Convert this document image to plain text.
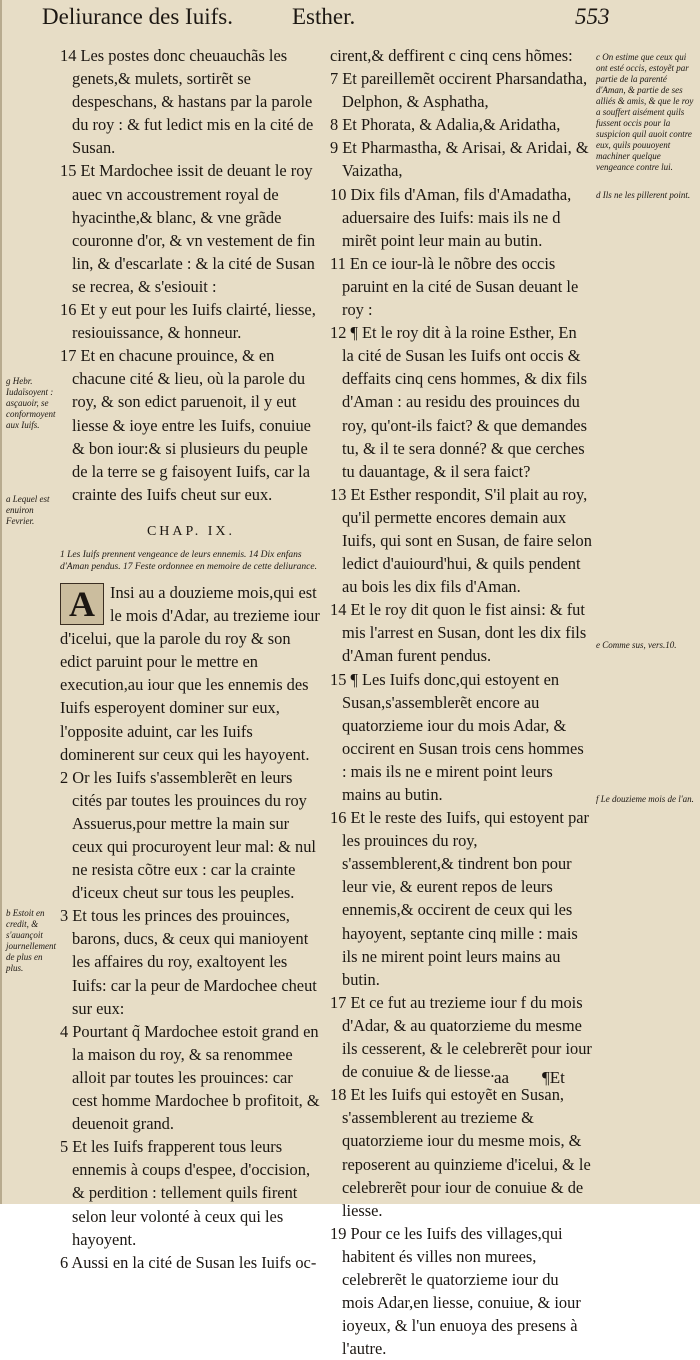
Deliurance des Iuifs.	Esther.	553

14 Les postes donc cheuauchãs les genets,& mulets, sortirẽt se despeschans, & hastans par la parole du roy : & fut ledict mis en la cité de Susan.

15 Et Mardochee issit de deuant le roy auec vn accoustrement royal de hyacinthe,& blanc, & vne grãde couronne d'or, & vn vestement de fin lin, & d'escarlate : & la cité de Susan se recrea, & s'esiouit :

16 Et y eut pour les Iuifs clairté, liesse, resiouissance, & honneur.

17 Et en chacune prouince, & en chacune cité & lieu, où la parole du roy, & son edict paruenoit, il y eut liesse & ioye entre les Iuifs, conuiue & bon iour:& si plusieurs du peuple de la terre se g faisoyent Iuifs, car la crainte des Iuifs cheut sur eux.

CHAP. IX.

1 Les Iuifs prennent vengeance de leurs ennemis. 14 Dix enfans d'Aman pendus. 17 Feste ordonnee en memoire de cette deliurance.

A Insi au a douzieme mois,qui est le mois d'Adar, au trezieme iour d'icelui, que la parole du roy & son edict paruint pour le mettre en execution,au iour que les ennemis des Iuifs esperoyent dominer sur eux, l'opposite aduint, car les Iuifs dominerent sur ceux qui les hayoyent.

2 Or les Iuifs s'assemblerẽt en leurs cités par toutes les prouinces du roy Assuerus,pour mettre la main sur ceux qui procuroyent leur mal: & nul ne resista cõtre eux : car la crainte d'iceux cheut sur tous les peuples.

3 Et tous les princes des prouinces, barons, ducs, & ceux qui manioyent les affaires du roy, exaltoyent les Iuifs: car la peur de Mardochee cheut sur eux:

4 Pourtant q̃ Mardochee estoit grand en la maison du roy, & sa renommee alloit par toutes les prouinces: car cest homme Mardochee b profitoit, & deuenoit grand.

5 Et les Iuifs frapperent tous leurs ennemis à coups d'espee, d'occision, & perdition : tellement quils firent selon leur volonté à ceux qui les hayoyent.

6 Aussi en la cité de Susan les Iuifs oc-

cirent,& deffirent c cinq cens hõmes:

7 Et pareillemẽt occirent Pharsandatha, Delphon, & Asphatha,

8 Et Phorata, & Adalia,& Aridatha,

9 Et Pharmastha, & Arisai, & Aridai, & Vaizatha,

10 Dix fils d'Aman, fils d'Amadatha, aduersaire des Iuifs: mais ils ne d mirẽt point leur main au butin.

11 En ce iour-là le nõbre des occis paruint en la cité de Susan deuant le roy :

12 ¶ Et le roy dit à la roine Esther, En la cité de Susan les Iuifs ont occis & deffaits cinq cens hommes, & dix fils d'Aman : au residu des prouinces du roy, qu'ont-ils faict? & que demandes tu, & il te sera donné? & que cerches tu dauantage, & il sera faict?

13 Et Esther respondit, S'il plait au roy, qu'il permette encores demain aux Iuifs, qui sont en Susan, de faire selon ledict d'auiourd'hui, & quils pendent au bois les dix fils d'Aman.

14 Et le roy dit quon le fist ainsi: & fut mis l'arrest en Susan, dont les dix fils d'Aman furent pendus.

15 ¶ Les Iuifs donc,qui estoyent en Susan,s'assemblerẽt encore au quatorzieme iour du mois Adar, & occirent en Susan trois cens hommes : mais ils ne e mirent point leurs mains au butin.

16 Et le reste des Iuifs, qui estoyent par les prouinces du roy, s'assemblerent,& tindrent bon pour leur vie, & eurent repos de leurs ennemis,& occirent de ceux qui les hayoyent, septante cinq mille : mais ils ne mirent point leurs mains au butin.

17 Et ce fut au trezieme iour f du mois d'Adar, & au quatorzieme du mesme ils cesserent, & le celebrerẽt pour iour de conuiue & de liesse.

18 Et les Iuifs qui estoyẽt en Susan, s'assemblerent au trezieme & quatorzieme iour du mesme mois, & reposerent au quinzieme d'icelui, & le celebrerẽt pour iour de conuiue & de liesse.

19 Pour ce les Iuifs des villages,qui habitent és villes non murees, celebrerẽt le quatorzieme iour du mois Adar,en liesse, conuiue, & iour ioyeux, & l'un enuoya des presens à l'autre.

c On estime que ceux qui ont esté occis, estoyẽt par partie de la parenté d'Aman, & partie de ses alliés & amis, & que le roy a souffert aisément quils fussent occis pour la suspicion quil auoit contre eux, quils pouuoyent machiner quelque vengeance contre lui.
d Ils ne les pillerent point.
e Comme sus, vers.10.
f Le douzieme mois de l'an.
g Hebr. Iudaïsoyent : asçauoir, se conformoyent aux Iuifs.
a Lequel est enuiron Fevrier.
b Estoit en credit, & s'auançoit journellement de plus en plus.
aa ¶Et
